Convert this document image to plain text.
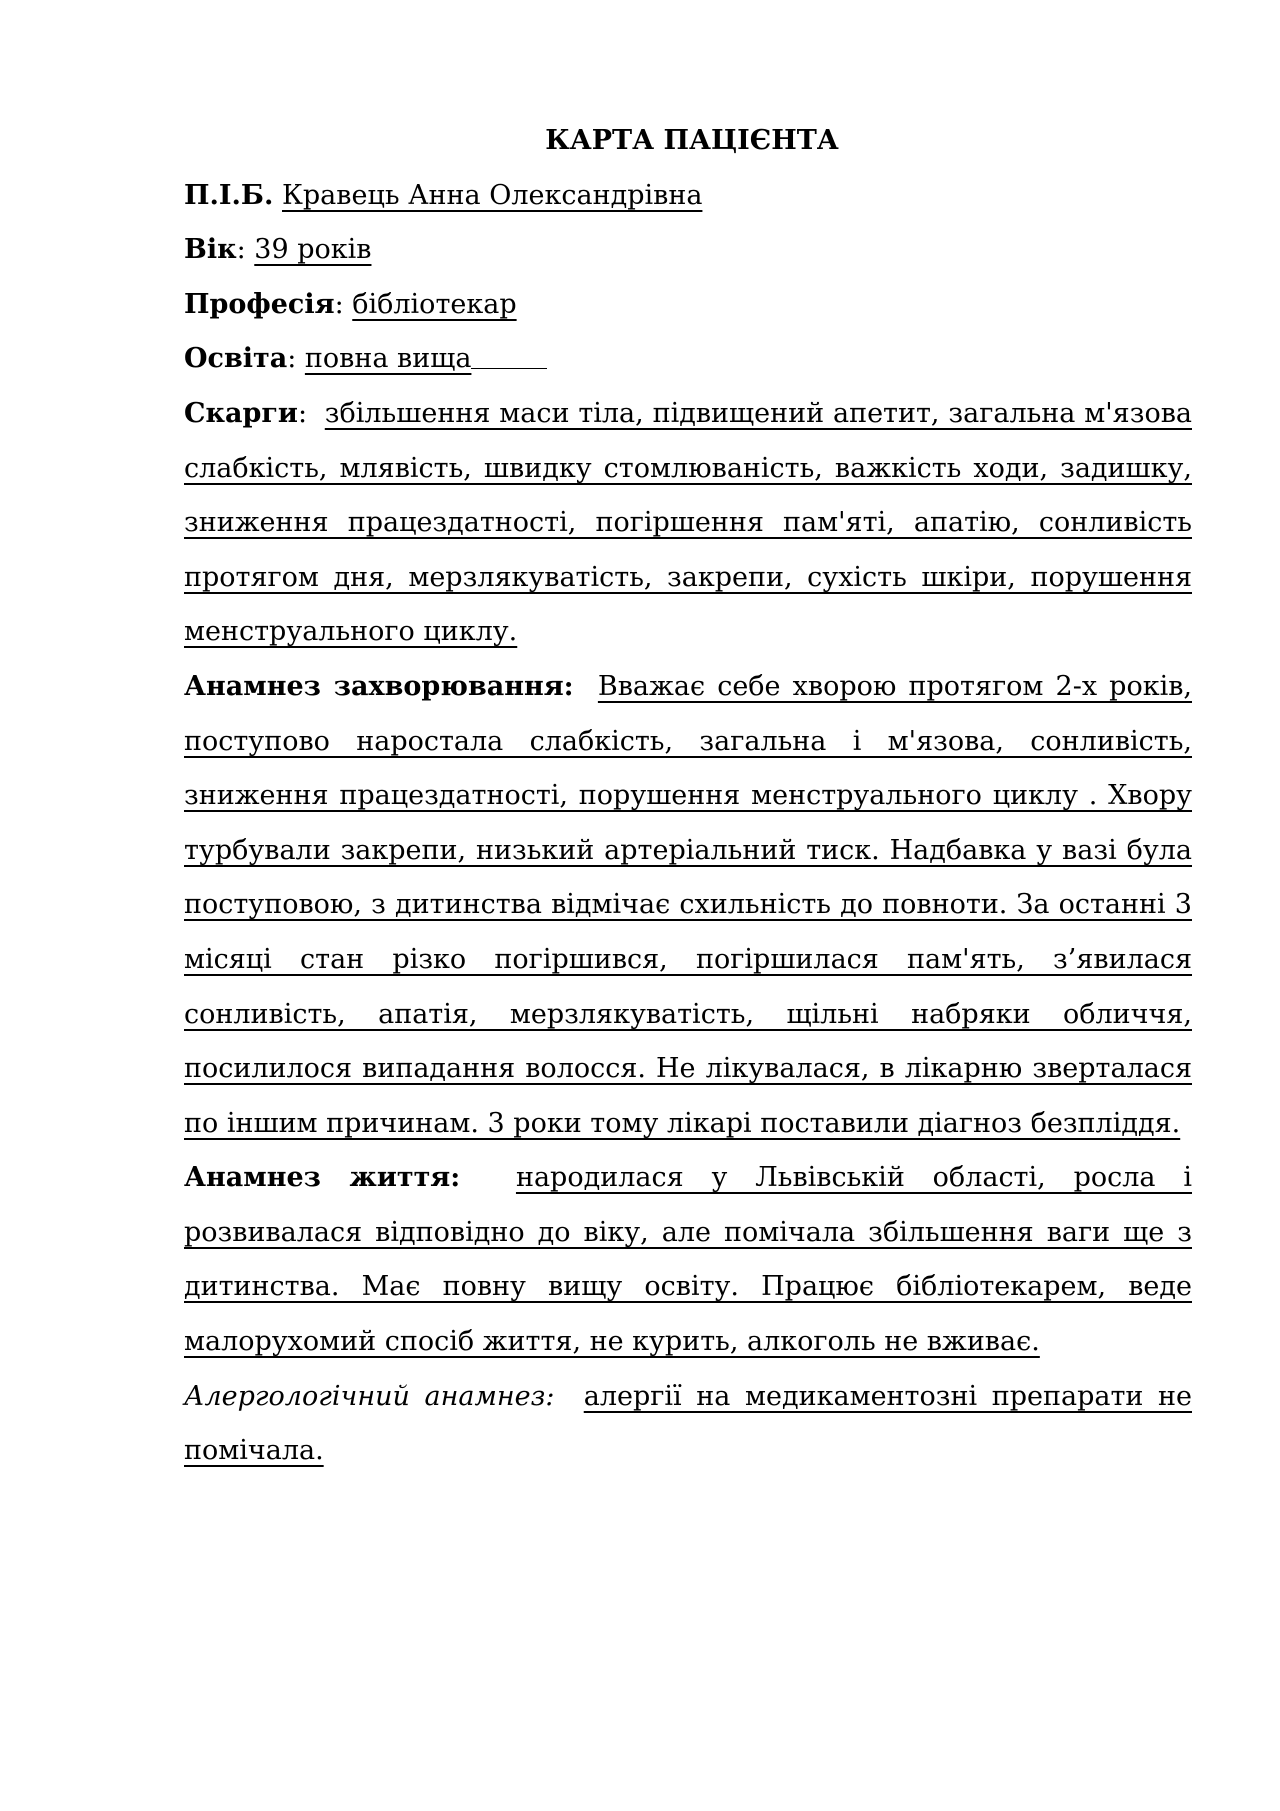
КАРТА ПАЦІЄНТА

П.І.Б. Кравець Анна Олександрівна

Вік: 39 років

Професія: бібліотекар

Освіта: повна вища

Скарги:  збільшення маси тіла, підвищений апетит, загальна м'язова слабкість, млявість, швидку стомлюваність, важкість ходи, задишку, зниження працездатності, погіршення пам'яті, апатію, сонливість протягом дня, мерзлякуватість, закрепи, сухість шкіри, порушення менструального циклу.

Анамнез захворювання: Вважає себе хворою протягом 2-х років, поступово наростала слабкість, загальна і м'язова, сонливість, зниження працездатності, порушення менструального циклу . Хвору турбували закрепи, низький артеріальний тиск. Надбавка у вазі була поступовою, з дитинства відмічає схильність до повноти. За останні 3 місяці стан різко погіршився, погіршилася пам'ять, з’явилася сонливість, апатія, мерзлякуватість, щільні набряки обличчя, посилилося випадання волосся. Не лікувалася, в лікарню зверталася по іншим причинам. 3 роки тому лікарі поставили діагноз безпліддя.

Анамнез життя: народилася у Львівській області, росла і розвивалася відповідно до віку, але помічала збільшення ваги ще з дитинства. Має повну вищу освіту. Працює бібліотекарем, веде малорухомий спосіб життя, не курить, алкоголь не вживає.

Алергологічний анамнез: алергії на медикаментозні препарати не помічала.
